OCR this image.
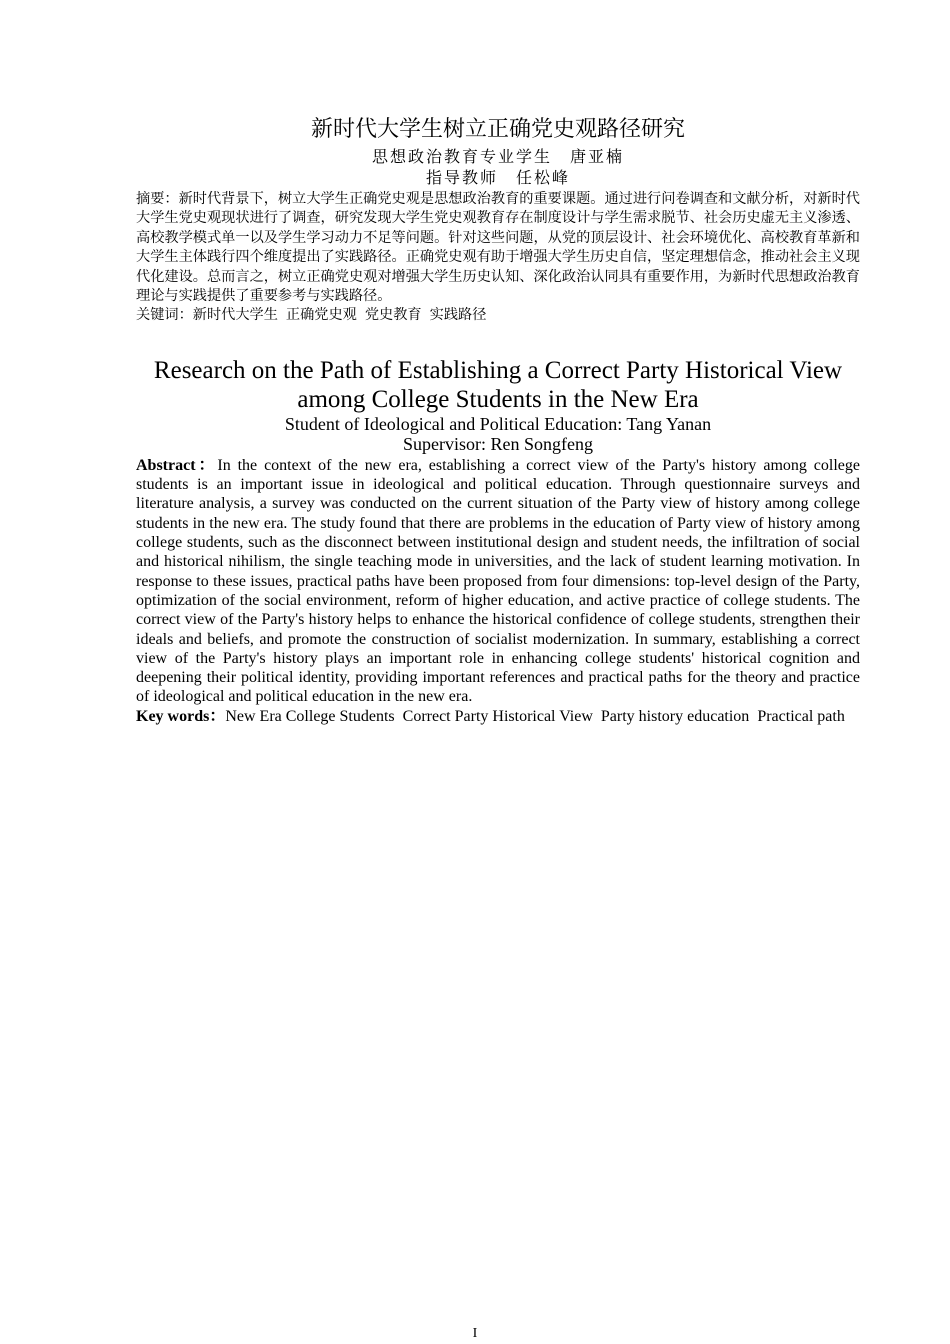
新时代大学生树立正确党史观路径研究

思想政治教育专业学生　唐亚楠

指导教师　任松峰

摘要：新时代背景下，树立大学生正确党史观是思想政治教育的重要课题。通过进行问卷调查和文献分析，对新时代大学生党史观现状进行了调查，研究发现大学生党史观教育存在制度设计与学生需求脱节、社会历史虚无主义渗透、高校教学模式单一以及学生学习动力不足等问题。针对这些问题，从党的顶层设计、社会环境优化、高校教育革新和大学生主体践行四个维度提出了实践路径。正确党史观有助于增强大学生历史自信，坚定理想信念，推动社会主义现代化建设。总而言之，树立正确党史观对增强大学生历史认知、深化政治认同具有重要作用，为新时代思想政治教育理论与实践提供了重要参考与实践路径。

关键词：新时代大学生 正确党史观 党史教育 实践路径

Research on the Path of Establishing a Correct Party Historical View among College Students in the New Era

Student of Ideological and Political Education: Tang Yanan

Supervisor: Ren Songfeng

Abstract：In the context of the new era, establishing a correct view of the Party's history among college students is an important issue in ideological and political education. Through questionnaire surveys and literature analysis, a survey was conducted on the current situation of the Party view of history among college students in the new era. The study found that there are problems in the education of Party view of history among college students, such as the disconnect between institutional design and student needs, the infiltration of social and historical nihilism, the single teaching mode in universities, and the lack of student learning motivation. In response to these issues, practical paths have been proposed from four dimensions: top-level design of the Party, optimization of the social environment, reform of higher education, and active practice of college students. The correct view of the Party's history helps to enhance the historical confidence of college students, strengthen their ideals and beliefs, and promote the construction of socialist modernization. In summary, establishing a correct view of the Party's history plays an important role in enhancing college students' historical cognition and deepening their political identity, providing important references and practical paths for the theory and practice of ideological and political education in the new era.

Key words：New Era College Students Correct Party Historical View Party history education Practical path

I
